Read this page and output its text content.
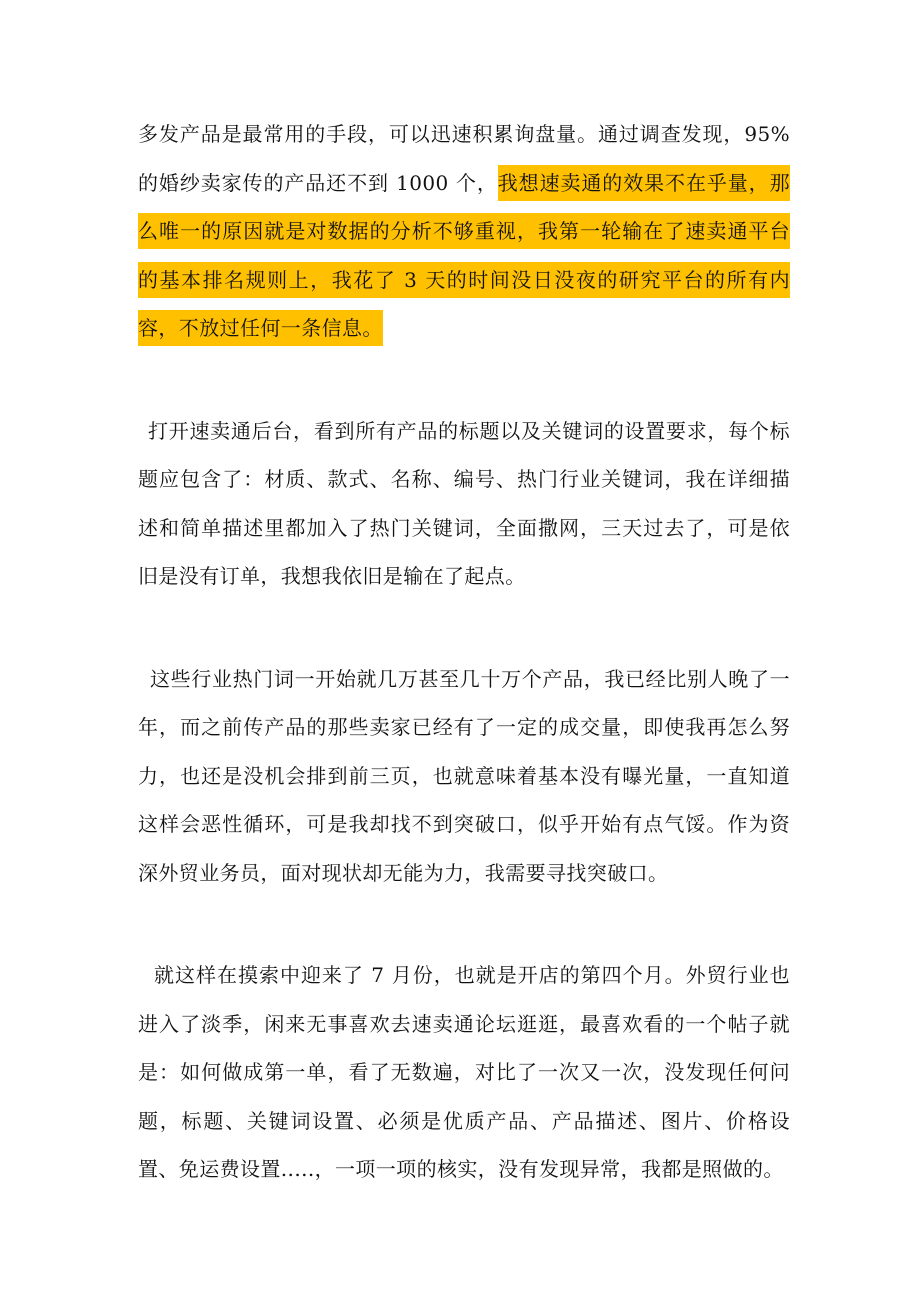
多发产品是最常用的手段，可以迅速积累询盘量。通过调查发现，95%的婚纱卖家传的产品还不到 1000 个，我想速卖通的效果不在乎量，那么唯一的原因就是对数据的分析不够重视，我第一轮输在了速卖通平台的基本排名规则上，我花了 3 天的时间没日没夜的研究平台的所有内容，不放过任何一条信息。

打开速卖通后台，看到所有产品的标题以及关键词的设置要求，每个标题应包含了：材质、款式、名称、编号、热门行业关键词，我在详细描述和简单描述里都加入了热门关键词，全面撒网，三天过去了，可是依旧是没有订单，我想我依旧是输在了起点。

这些行业热门词一开始就几万甚至几十万个产品，我已经比别人晚了一年，而之前传产品的那些卖家已经有了一定的成交量，即使我再怎么努力，也还是没机会排到前三页，也就意味着基本没有曝光量，一直知道这样会恶性循环，可是我却找不到突破口，似乎开始有点气馁。作为资深外贸业务员，面对现状却无能为力，我需要寻找突破口。

就这样在摸索中迎来了 7 月份，也就是开店的第四个月。外贸行业也进入了淡季，闲来无事喜欢去速卖通论坛逛逛，最喜欢看的一个帖子就是：如何做成第一单，看了无数遍，对比了一次又一次，没发现任何问题，标题、关键词设置、必须是优质产品、产品描述、图片、价格设置、免运费设置.....，一项一项的核实，没有发现异常，我都是照做的。
